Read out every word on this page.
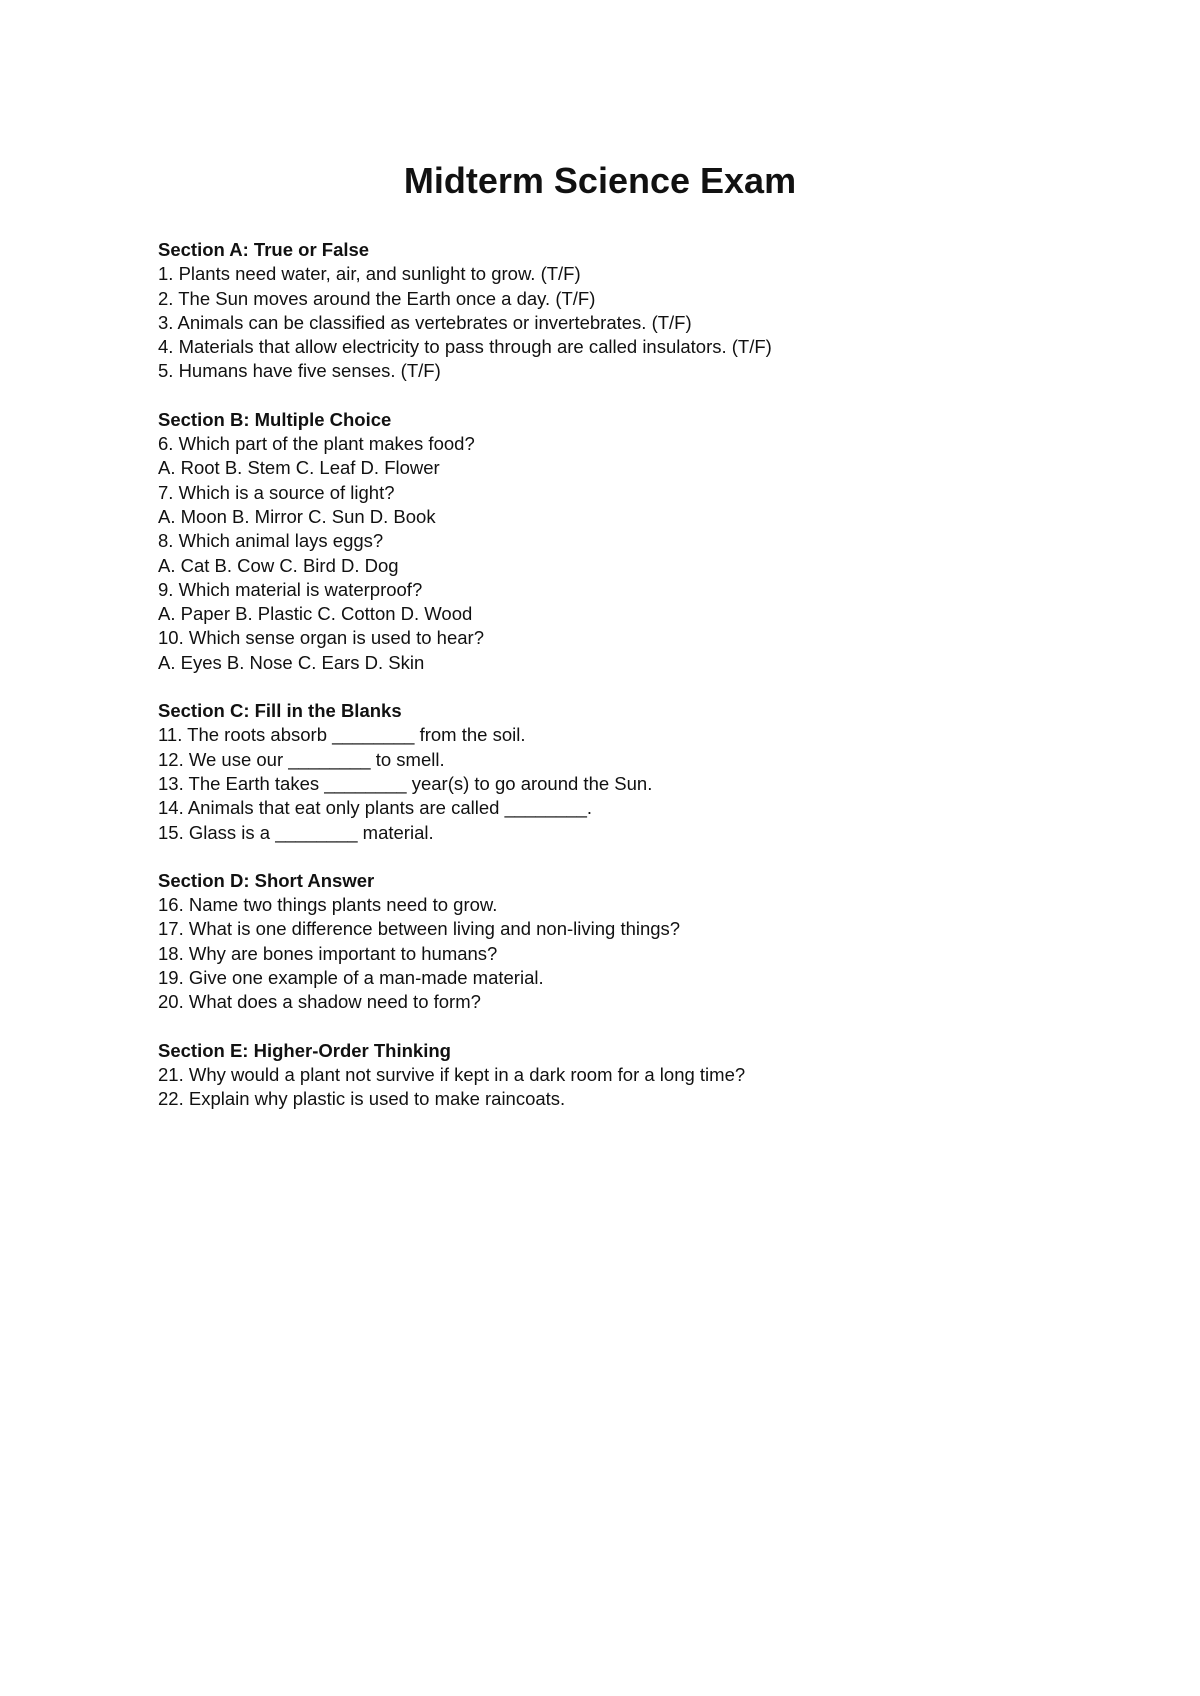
Midterm Science Exam
Section A: True or False
1. Plants need water, air, and sunlight to grow. (T/F)
2. The Sun moves around the Earth once a day. (T/F)
3. Animals can be classified as vertebrates or invertebrates. (T/F)
4. Materials that allow electricity to pass through are called insulators. (T/F)
5. Humans have five senses. (T/F)
Section B: Multiple Choice
6. Which part of the plant makes food?
A. Root B. Stem C. Leaf D. Flower
7. Which is a source of light?
A. Moon B. Mirror C. Sun D. Book
8. Which animal lays eggs?
A. Cat B. Cow C. Bird D. Dog
9. Which material is waterproof?
A. Paper B. Plastic C. Cotton D. Wood
10. Which sense organ is used to hear?
A. Eyes B. Nose C. Ears D. Skin
Section C: Fill in the Blanks
11. The roots absorb ________ from the soil.
12. We use our ________ to smell.
13. The Earth takes ________ year(s) to go around the Sun.
14. Animals that eat only plants are called ________.
15. Glass is a ________ material.
Section D: Short Answer
16. Name two things plants need to grow.
17. What is one difference between living and non-living things?
18. Why are bones important to humans?
19. Give one example of a man-made material.
20. What does a shadow need to form?
Section E: Higher-Order Thinking
21. Why would a plant not survive if kept in a dark room for a long time?
22. Explain why plastic is used to make raincoats.
